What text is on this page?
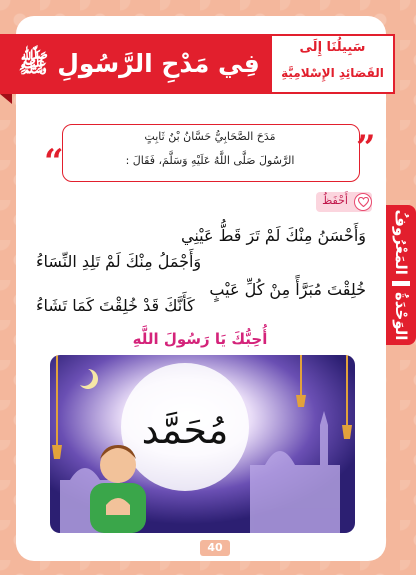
الوَحْدَةُ
المَعْرُوفُ
فِي مَدْحِ الرَّسُولِ ﷺ
سَبِيلُنَا إِلَى
القَصَائِدِ الإِسْلامِيَّةِ
”
“
مَدَحَ الصَّحَابِيُّ حَسَّانُ بْنُ ثَابِتٍ
الرَّسُولَ صَلَّى اللَّهُ عَلَيْهِ وَسَلَّمَ، فَقَالَ :
أَحْفَظُ
وَأَحْسَنُ مِنْكَ لَمْ تَرَ قَطُّ عَيْنِي
وَأَجْمَلُ مِنْكَ لَمْ تَلِدِ النِّسَاءُ
خُلِقْتَ مُبَرَّأً مِنْ كُلِّ عَيْبٍ
كَأَنَّكَ قَدْ خُلِقْتَ كَمَا تَشَاءُ
أُحِبُّكَ يَا رَسُولَ اللَّهِ
مُحَمَّد
40
